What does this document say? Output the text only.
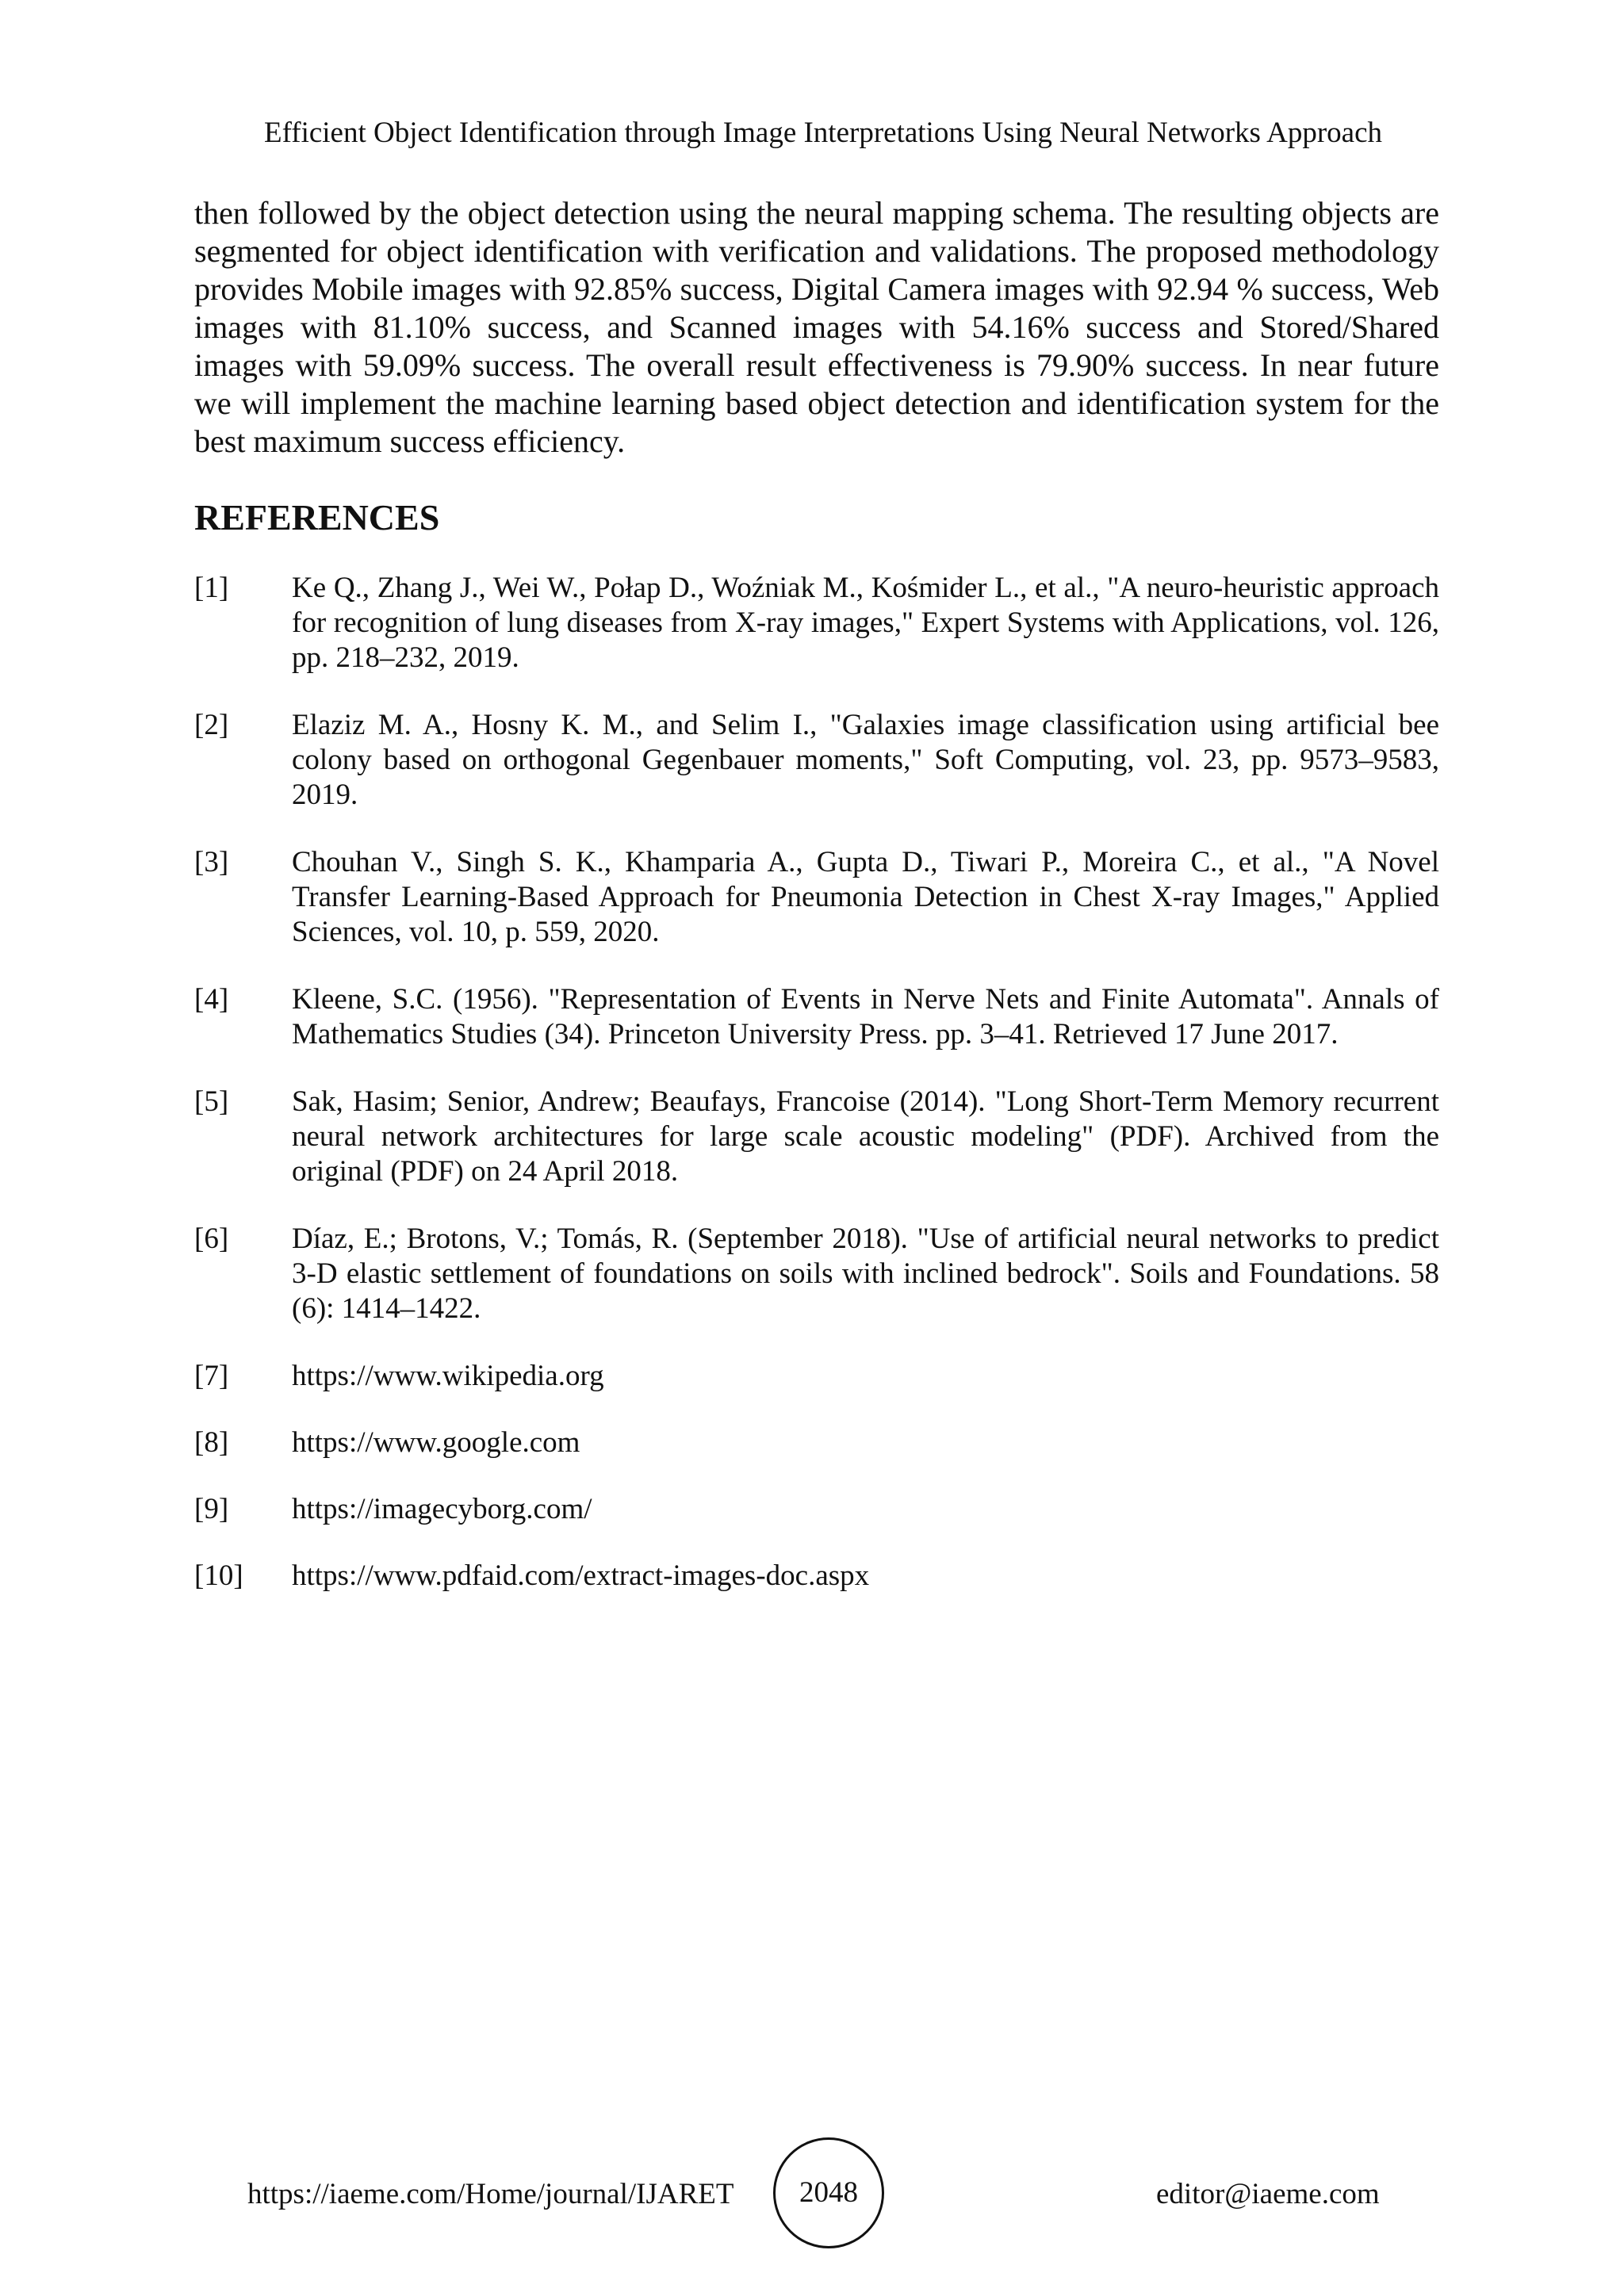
Efficient Object Identification through Image Interpretations Using Neural Networks Approach

then followed by the object detection using the neural mapping schema. The resulting objects are segmented for object identification with verification and validations. The proposed methodology provides Mobile images with 92.85% success, Digital Camera images with 92.94 % success, Web images with 81.10% success, and Scanned images with 54.16% success and Stored/Shared images with 59.09% success. The overall result effectiveness is 79.90% success. In near future we will implement the machine learning based object detection and identification system for the best maximum success efficiency.

REFERENCES
[1]	Ke Q., Zhang J., Wei W., Połap D., Woźniak M., Kośmider L., et al., "A neuro-heuristic approach for recognition of lung diseases from X-ray images," Expert Systems with Applications, vol. 126, pp. 218–232, 2019.
[2]	Elaziz M. A., Hosny K. M., and Selim I., "Galaxies image classification using artificial bee colony based on orthogonal Gegenbauer moments," Soft Computing, vol. 23, pp. 9573–9583, 2019.
[3]	Chouhan V., Singh S. K., Khamparia A., Gupta D., Tiwari P., Moreira C., et al., "A Novel Transfer Learning-Based Approach for Pneumonia Detection in Chest X-ray Images," Applied Sciences, vol. 10, p. 559, 2020.
[4]	Kleene, S.C. (1956). "Representation of Events in Nerve Nets and Finite Automata". Annals of Mathematics Studies (34). Princeton University Press. pp. 3–41. Retrieved 17 June 2017.
[5]	Sak, Hasim; Senior, Andrew; Beaufays, Francoise (2014). "Long Short-Term Memory recurrent neural network architectures for large scale acoustic modeling" (PDF). Archived from the original (PDF) on 24 April 2018.
[6]	Díaz, E.; Brotons, V.; Tomás, R. (September 2018). "Use of artificial neural networks to predict 3-D elastic settlement of foundations on soils with inclined bedrock". Soils and Foundations. 58 (6): 1414–1422.
[7]	https://www.wikipedia.org
[8]	https://www.google.com
[9]	https://imagecyborg.com/
[10]	https://www.pdfaid.com/extract-images-doc.aspx
https://iaeme.com/Home/journal/IJARET 2048	editor@iaeme.com
